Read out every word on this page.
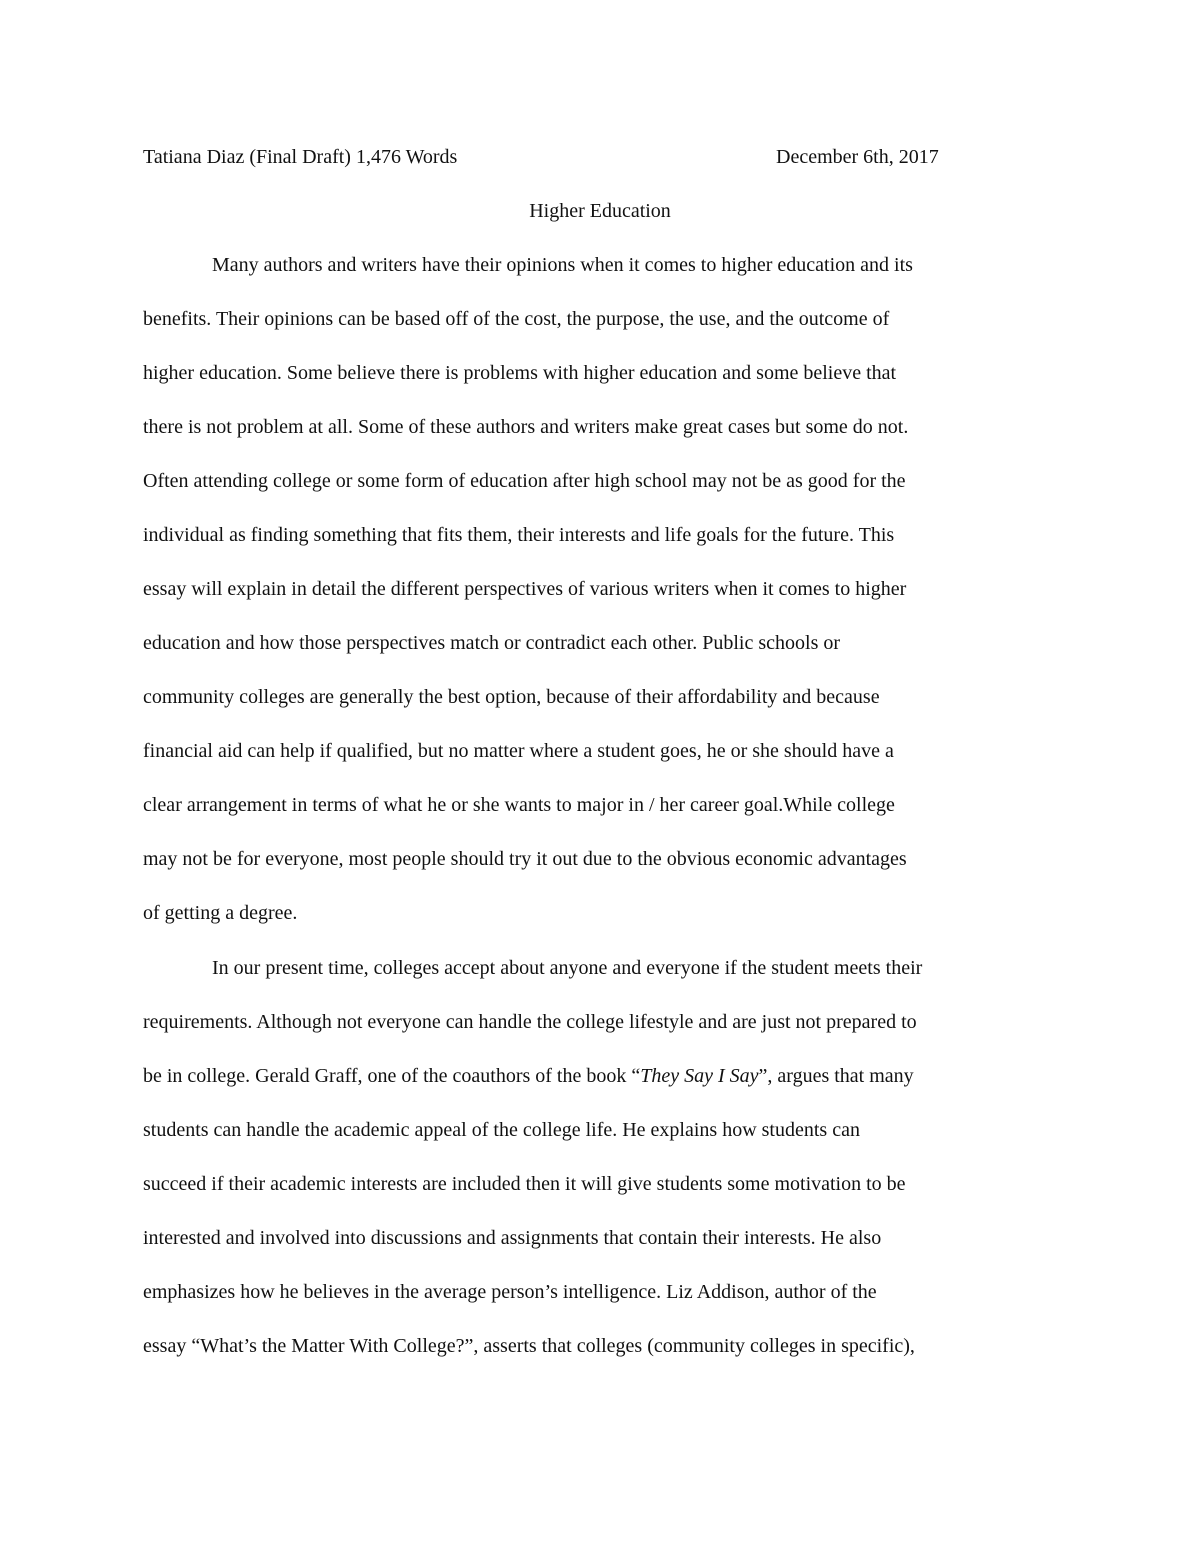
Tatiana Diaz (Final Draft) 1,476 Words	December 6th, 2017
Higher Education
Many authors and writers have their opinions when it comes to higher education and its
benefits. Their opinions can be based off of the cost, the purpose, the use, and the outcome of
higher education. Some believe there is problems with higher education and some believe that
there is not problem at all. Some of these authors and writers make great cases but some do not.
Often attending college or some form of education after high school may not be as good for the
individual as finding something that fits them, their interests and life goals for the future. This
essay will explain in detail the different perspectives of various writers when it comes to higher
education and how those perspectives match or contradict each other. Public schools or
community colleges are generally the best option, because of their affordability and because
financial aid can help if qualified, but no matter where a student goes, he or she should have a
clear arrangement in terms of what he or she wants to major in / her career goal.While college
may not be for everyone, most people should try it out due to the obvious economic advantages
of getting a degree.
In our present time, colleges accept about anyone and everyone if the student meets their
requirements. Although not everyone can handle the college lifestyle and are just not prepared to
be in college. Gerald Graff, one of the coauthors of the book “They Say I Say”, argues that many
students can handle the academic appeal of the college life. He explains how students can
succeed if their academic interests are included then it will give students some motivation to be
interested and involved into discussions and assignments that contain their interests. He also
emphasizes how he believes in the average person’s intelligence. Liz Addison, author of the
essay “What’s the Matter With College?”, asserts that colleges (community colleges in specific),
